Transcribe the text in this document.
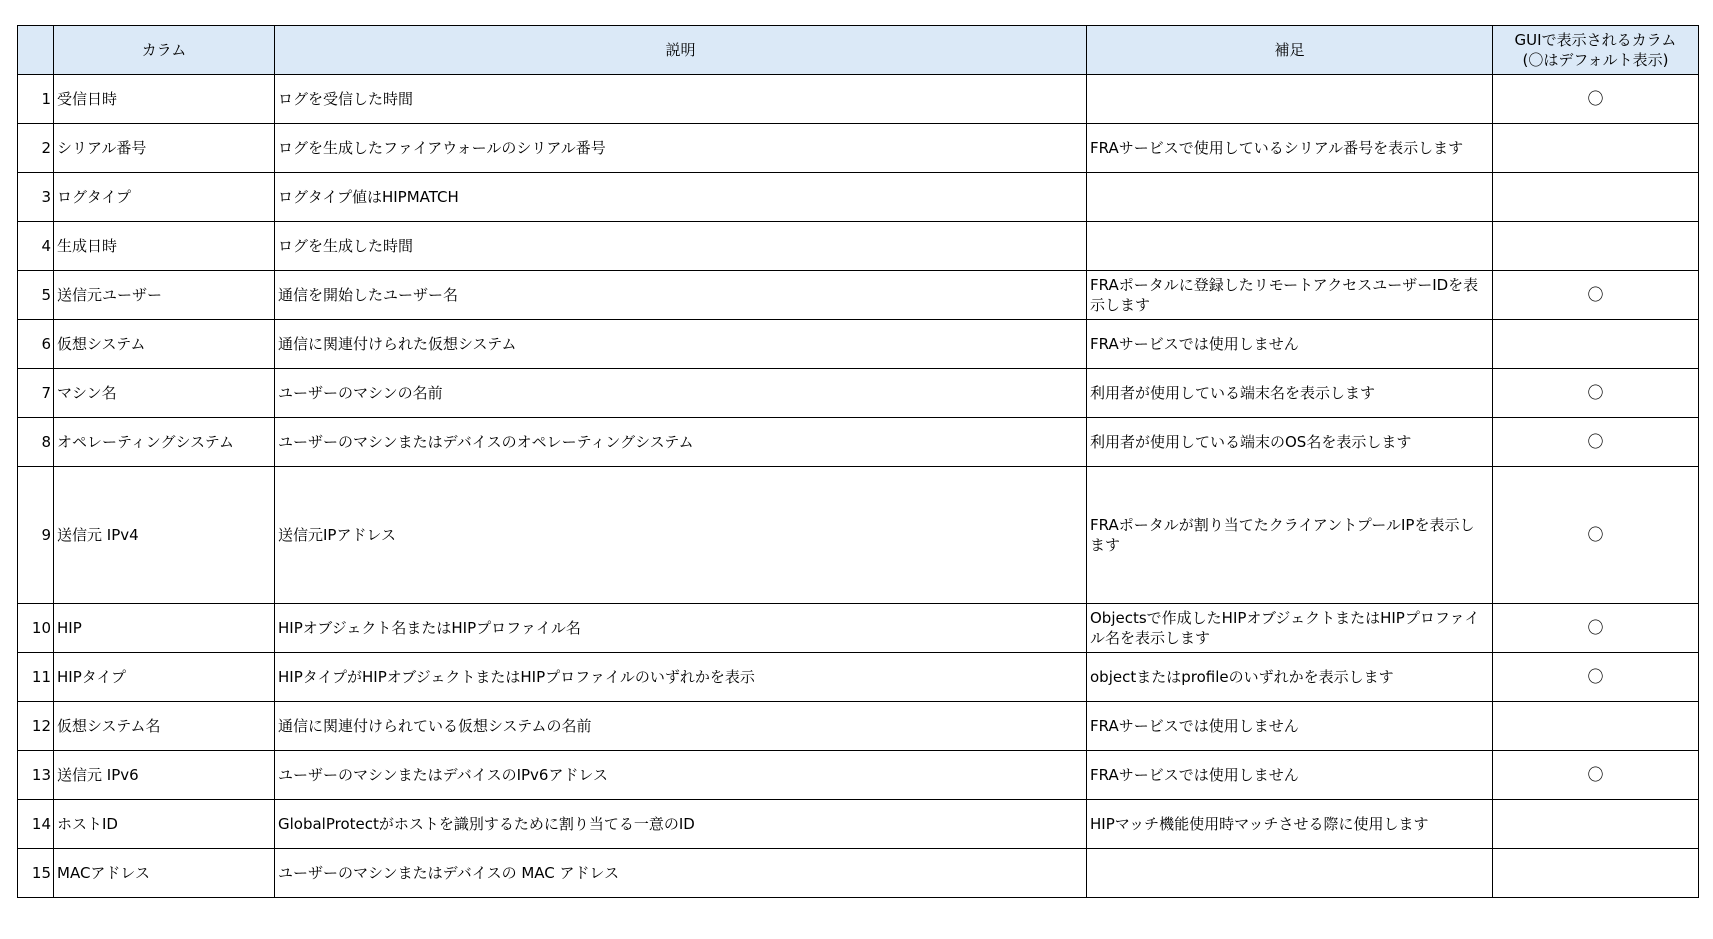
	カラム	説明	補足	GUIで表示されるカラム
(〇はデフォルト表示)
1	受信日時	ログを受信した時間		〇
2	シリアル番号	ログを生成したファイアウォールのシリアル番号	FRAサービスで使用しているシリアル番号を表示します	
3	ログタイプ	ログタイプ値はHIPMATCH		
4	生成日時	ログを生成した時間		
5	送信元ユーザー	通信を開始したユーザー名	FRAポータルに登録したリモートアクセスユーザーIDを表示します	〇
6	仮想システム	通信に関連付けられた仮想システム	FRAサービスでは使用しません	
7	マシン名	ユーザーのマシンの名前	利用者が使用している端末名を表示します	〇
8	オペレーティングシステム	ユーザーのマシンまたはデバイスのオペレーティングシステム	利用者が使用している端末のOS名を表示します	〇
9	送信元 IPv4	送信元IPアドレス	FRAポータルが割り当てたクライアントプールIPを表示します	〇
10	HIP	HIPオブジェクト名またはHIPプロファイル名	Objectsで作成したHIPオブジェクトまたはHIPプロファイル名を表示します	〇
11	HIPタイプ	HIPタイプがHIPオブジェクトまたはHIPプロファイルのいずれかを表示	objectまたはprofileのいずれかを表示します	〇
12	仮想システム名	通信に関連付けられている仮想システムの名前	FRAサービスでは使用しません	
13	送信元 IPv6	ユーザーのマシンまたはデバイスのIPv6アドレス	FRAサービスでは使用しません	〇
14	ホストID	GlobalProtectがホストを識別するために割り当てる一意のID	HIPマッチ機能使用時マッチさせる際に使用します	
15	MACアドレス	ユーザーのマシンまたはデバイスの MAC アドレス		
